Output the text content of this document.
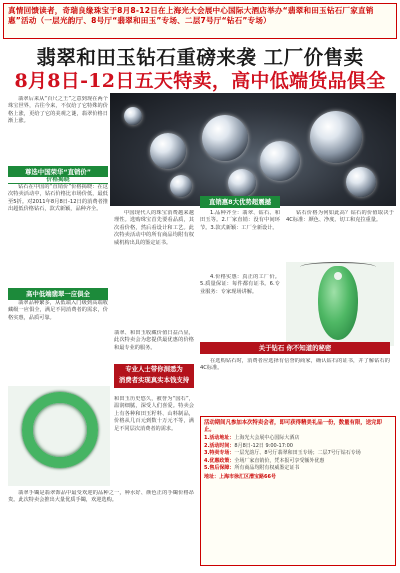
真情回馈读者，奇瑞良缘珠宝于8月8-12日在上海光大会展中心国际大酒店举办“翡翠和田玉钻石厂家直销惠”活动（一层光韵厅、8号厅“翡翠和田玉”专场、二层7号厅“钻石”专场）
翡翠和田玉钻石重磅来袭 工厂价售卖
8月8日-12日五天特卖，高中低端货品俱全

翡翠后来从“百尺之王”之意到现在两个珠宝世界，古往今来，不仅给了它特殊的价格上涨，更给了它的美观之谜，翡翠价格日渐上涨。

尊选中国荣华“直销价”
价格揭晓

钻石在中国的“直销价”价格揭晓：在这次特卖活动中，钻石价格比市场价低，最低至5折。对2011年8月8日-12日的消费者推出超低价格钻石，款式新颖，品种齐全。

高中低端翡翠一应俱全

翡翠品种繁多，从低端入门级到高端收藏级一应俱全，满足不同消费者的需求，价格实惠，品质可靠。

中国现代人的珠宝消费越来越理性。选购珠宝首先要看品质，其次看价格，然后看设计和工艺。此次特卖活动中的所有商品均附有权威机构出具的鉴定证书。

专业人士带你洞悉为
消费者实现真实本钱支持

翡翠、和田玉收藏价值日益凸显，此次特卖会为您提供最优惠的价格和最专业的服务。

和田玉历史悠久，被誉为“国石”，温润细腻，深受人们喜爱。特卖会上有各种和田玉籽料、山料制品，价格从几百元到数十万元不等，满足不同层次消费者的需求。

直销惠8大优势超震撼

1.品种齐全：翡翠、钻石、和田玉等。2.厂家直销：没有中间环节。3.款式新颖：工厂全新设计。

4.价格实惠：真正的工厂价。5.质量保证：每件都有证书。6.专业服务：专家现场讲解。

钻石价格为何如此高？钻石的价值取决于4C标准：颜色、净度、切工和克拉重量。

关于钻石 你不知道的秘密

在选购钻石时，消费者应选择有信誉的商家，确认钻石的证书，并了解钻石的4C标准。

翡翠手镯是翡翠饰品中最受欢迎的品种之一，种水好、颜色正的手镯价格昂贵。此次特卖会推出大量优质手镯，欢迎选购。

活动期间凡参加本次特卖会者，即可获得精美礼品一份，数量有限，送完即止。
1.活动地址：上海光大会展中心国际大酒店
2.活动时间：8月8日-12日 9:00-17:00
3.特卖专场：一层光韵厅、8号厅翡翠和田玉专场；二层7号厅钻石专场
4.优惠政策：全场厂家直销价，凭本报可享受额外优惠
5.售后保障：所有商品均附有权威鉴定证书
地址：上海市徐汇区漕宝路66号
